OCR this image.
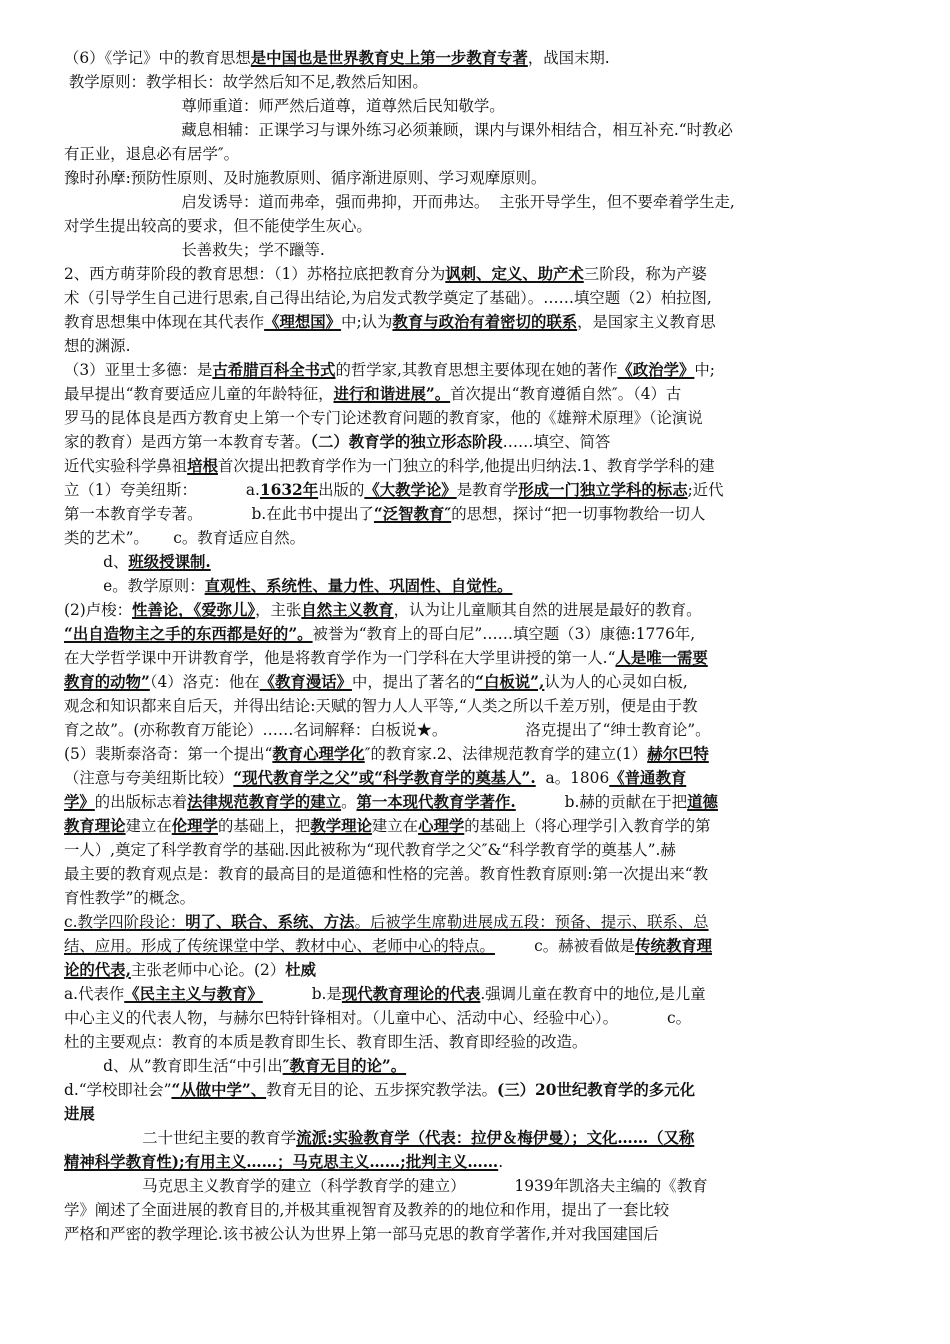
（6）《学记》中的教育思想是中国也是世界教育史上第一步教育专著，战国末期.
教学原则：教学相长：故学然后知不足,教然后知困。
尊师重道：师严然后道尊，道尊然后民知敬学。
藏息相辅：正课学习与课外练习必须兼顾，课内与课外相结合，相互补充.“时教必
有正业，退息必有居学″。
豫时孙摩:预防性原则、及时施教原则、循序渐进原则、学习观摩原则。
启发诱导：道而弗牵，强而弗抑，开而弗达。  主张开导学生，但不要牵着学生走,
对学生提出较高的要求，但不能使学生灰心。
长善救失；学不躐等.
2、西方萌芽阶段的教育思想：（1）苏格拉底把教育分为讽刺、定义、助产术三阶段，称为产婆
术（引导学生自己进行思索,自己得出结论,为启发式教学奠定了基础）。……填空题（2）柏拉图,
教育思想集中体现在其代表作《理想国》中;认为教育与政治有着密切的联系，是国家主义教育思
想的渊源.
（3）亚里士多德：是古希腊百科全书式的哲学家,其教育思想主要体现在她的著作《政治学》中;
最早提出“教育要适应儿童的年龄特征，进行和谐进展”。首次提出“教育遵循自然″。（4）古
罗马的昆体良是西方教育史上第一个专门论述教育问题的教育家，他的《雄辩术原理》（论演说
家的教育）是西方第一本教育专著。（二）教育学的独立形态阶段……填空、简答
近代实验科学鼻祖培根首次提出把教育学作为一门独立的科学,他提出归纳法.1、教育学学科的建
立（1）夸美纽斯：          a.1632年出版的《大教学论》是教育学形成一门独立学科的标志;近代
第一本教育学专著。          b.在此书中提出了“泛智教育″的思想，探讨“把一切事物教给一切人
类的艺术”。     c。教育适应自然。
d、班级授课制.
e。教学原则：直观性、系统性、量力性、巩固性、自觉性。
(2)卢梭：性善论，《爱弥儿》，主张自然主义教育，认为让儿童顺其自然的进展是最好的教育。
“出自造物主之手的东西都是好的”。被誉为“教育上的哥白尼”……填空题（3）康德:1776年,
在大学哲学课中开讲教育学，他是将教育学作为一门学科在大学里讲授的第一人.“人是唯一需要
教育的动物”（4）洛克：他在《教育漫话》中，提出了著名的“白板说”,认为人的心灵如白板,
观念和知识都来自后天，并得出结论:天赋的智力人人平等,“人类之所以千差万别，便是由于教
育之故”。(亦称教育万能论）……名词解释：白板说★。                洛克提出了“绅士教育论”。
(5）裴斯泰洛奇：第一个提出“教育心理学化″的教育家.2、法律规范教育学的建立(1）赫尔巴特
（注意与夸美纽斯比较）“现代教育学之父”或“科学教育学的奠基人”.  a。1806《普通教育
学》的出版标志着法律规范教育学的建立。第一本现代教育学著作.          b.赫的贡献在于把道德
教育理论建立在伦理学的基础上，把教学理论建立在心理学的基础上（将心理学引入教育学的第
一人）,奠定了科学教育学的基础.因此被称为“现代教育学之父″&“科学教育学的奠基人”.赫
最主要的教育观点是：教育的最高目的是道德和性格的完善。教育性教育原则:第一次提出来“教
育性教学”的概念。
c.教学四阶段论：明了、联合、系统、方法。后被学生席勒进展成五段：预备、提示、联系、总
结、应用。形成了传统课堂中学、教材中心、老师中心的特点。        c。赫被看做是传统教育理
论的代表,主张老师中心论。(2）杜威
a.代表作《民主主义与教育》          b.是现代教育理论的代表.强调儿童在教育中的地位,是儿童
中心主义的代表人物，与赫尔巴特针锋相对。（儿童中心、活动中心、经验中心）。          c。
杜的主要观点：教育的本质是教育即生长、教育即生活、教育即经验的改造。
d、从”教育即生活“中引出″教育无目的论”。
d.“学校即社会”“从做中学”、教育无目的论、五步探究教学法。(三）20世纪教育学的多元化
进展
二十世纪主要的教育学流派:实验教育学（代表：拉伊＆梅伊曼）；文化……（又称
精神科学教育性);有用主义……；马克思主义……;批判主义…….
马克思主义教育学的建立（科学教育学的建立）          1939年凯洛夫主编的《教育
学》阐述了全面进展的教育目的,并极其重视智育及教养的的地位和作用，提出了一套比较
严格和严密的教学理论.该书被公认为世界上第一部马克思的教育学著作,并对我国建国后
